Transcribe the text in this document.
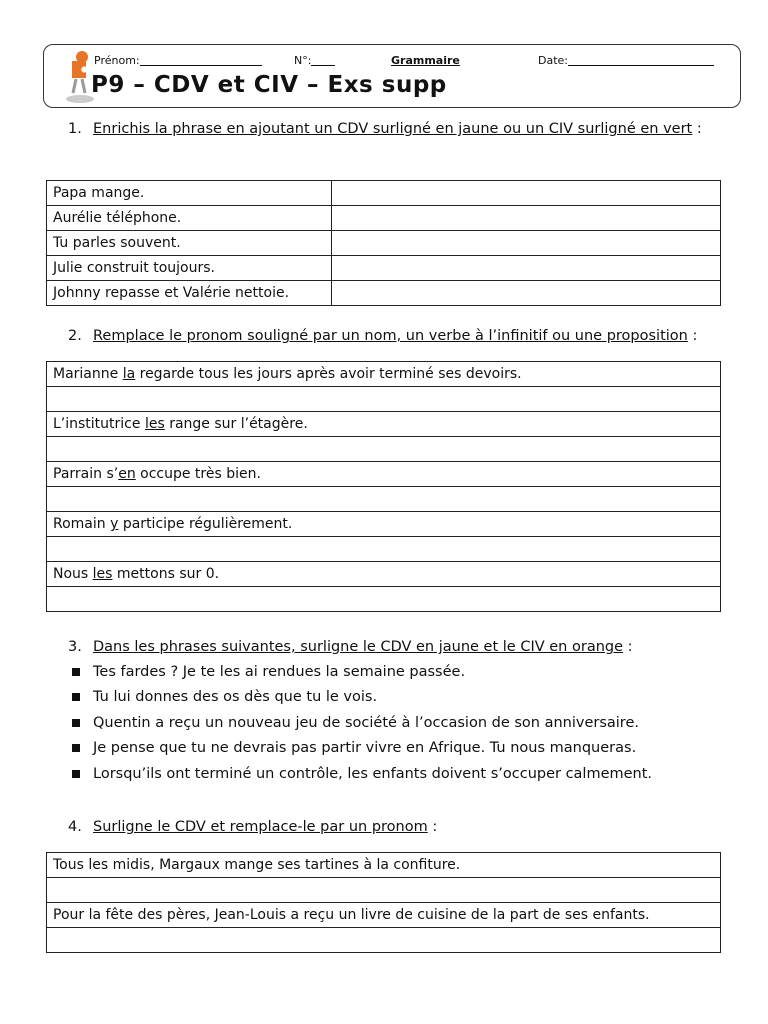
Prénom:	N°:	Grammaire	Date:
P9 – CDV et CIV – Exs supp
1. Enrichis la phrase en ajoutant un CDV surligné en jaune ou un CIV surligné en vert :
Papa mange.	
Aurélie téléphone.	
Tu parles souvent.	
Julie construit toujours.	
Johnny repasse et Valérie nettoie.	
2. Remplace le pronom souligné par un nom, un verbe à l’infinitif ou une proposition :
Marianne la regarde tous les jours après avoir terminé ses devoirs.

L’institutrice les range sur l’étagère.

Parrain s’en occupe très bien.

Romain y participe régulièrement.

Nous les mettons sur 0.

3. Dans les phrases suivantes, surligne le CDV en jaune et le CIV en orange :
Tes fardes ? Je te les ai rendues la semaine passée.
Tu lui donnes des os dès que tu le vois.
Quentin a reçu un nouveau jeu de société à l’occasion de son anniversaire.
Je pense que tu ne devrais pas partir vivre en Afrique. Tu nous manqueras.
Lorsqu’ils ont terminé un contrôle, les enfants doivent s’occuper calmement.
4. Surligne le CDV et remplace-le par un pronom :
Tous les midis, Margaux mange ses tartines à la confiture.

Pour la fête des pères, Jean-Louis a reçu un livre de cuisine de la part de ses enfants.
